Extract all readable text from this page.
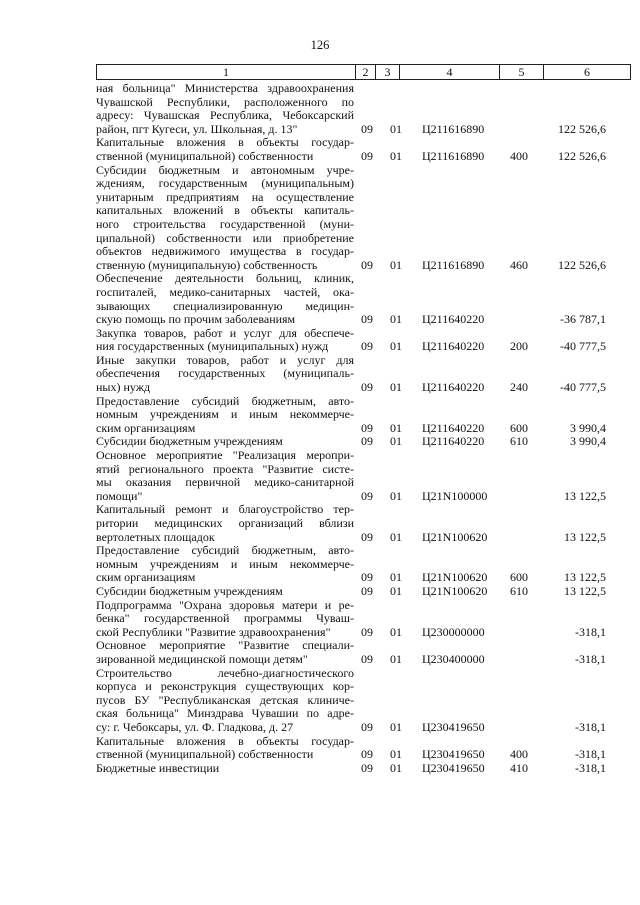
126
1	2	3	4	5	6
ная больница" Министерства здравоохранения
Чувашской Республики, расположенного по
адресу: Чувашская Республика, Чебоксарский
район, пгт Кугеси, ул. Школьная, д. 13"	09 01 Ц211616890	122 526,6
Капитальные вложения в объекты государ-
ственной (муниципальной) собственности	09 01 Ц211616890 400	122 526,6
Субсидии бюджетным и автономным учре-
ждениям, государственным (муниципальным)
унитарным предприятиям на осуществление
капитальных вложений в объекты капиталь-
ного строительства государственной (муни-
ципальной) собственности или приобретение
объектов недвижимого имущества в государ-
ственную (муниципальную) собственность	09 01 Ц211616890 460	122 526,6
Обеспечение деятельности больниц, клиник,
госпиталей, медико-санитарных частей, ока-
зывающих специализированную медицин-
скую помощь по прочим заболеваниям	09 01 Ц211640220	-36 787,1
Закупка товаров, работ и услуг для обеспече-
ния государственных (муниципальных) нужд	09 01 Ц211640220 200	-40 777,5
Иные закупки товаров, работ и услуг для
обеспечения государственных (муниципаль-
ных) нужд	09 01 Ц211640220 240	-40 777,5
Предоставление субсидий бюджетным, авто-
номным учреждениям и иным некоммерче-
ским организациям	09 01 Ц211640220 600	3 990,4
Субсидии бюджетным учреждениям	09 01 Ц211640220 610	3 990,4
Основное мероприятие "Реализация меропри-
ятий регионального проекта "Развитие систе-
мы оказания первичной медико-санитарной
помощи"	09 01 Ц21N100000	13 122,5
Капитальный ремонт и благоустройство тер-
ритории медицинских организаций вблизи
вертолетных площадок	09 01 Ц21N100620	13 122,5
Предоставление субсидий бюджетным, авто-
номным учреждениям и иным некоммерче-
ским организациям	09 01 Ц21N100620 600	13 122,5
Субсидии бюджетным учреждениям	09 01 Ц21N100620 610	13 122,5
Подпрограмма "Охрана здоровья матери и ре-
бенка" государственной программы Чуваш-
ской Республики "Развитие здравоохранения"	09 01 Ц230000000	-318,1
Основное мероприятие "Развитие специали-
зированной медицинской помощи детям"	09 01 Ц230400000	-318,1
Строительство лечебно-диагностического
корпуса и реконструкция существующих кор-
пусов БУ "Республиканская детская клиниче-
ская больница" Минздрава Чувашии по адре-
су: г. Чебоксары, ул. Ф. Гладкова, д. 27	09 01 Ц230419650	-318,1
Капитальные вложения в объекты государ-
ственной (муниципальной) собственности	09 01 Ц230419650 400	-318,1
Бюджетные инвестиции	09 01 Ц230419650 410	-318,1
